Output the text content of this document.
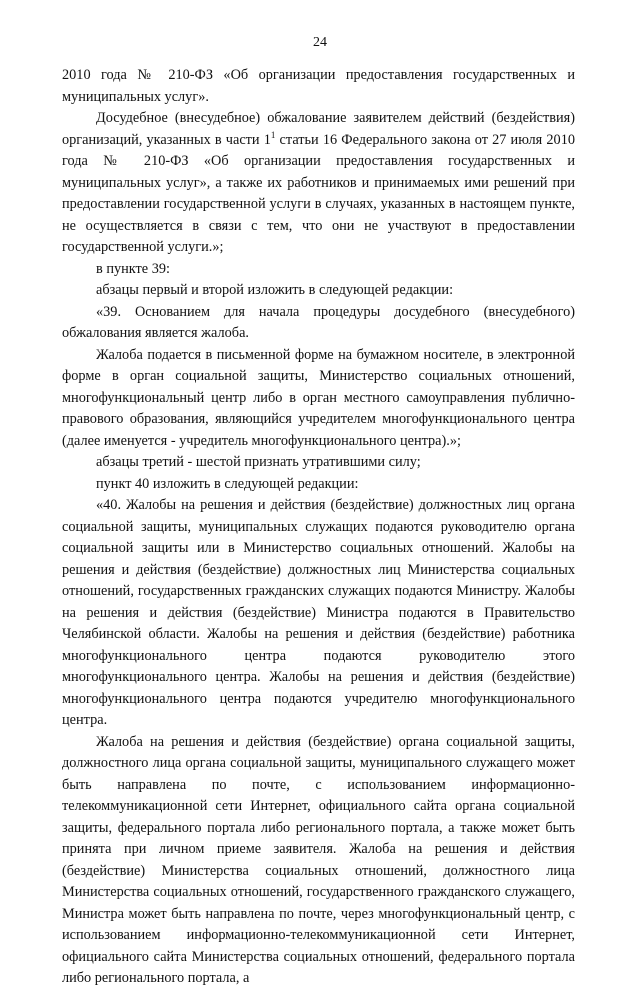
24

2010 года № 210-ФЗ «Об организации предоставления государственных и муниципальных услуг».

Досудебное (внесудебное) обжалование заявителем действий (бездействия) организаций, указанных в части $1^1$ статьи 16 Федерального закона от 27 июля 2010 года № 210-ФЗ «Об организации предоставления государственных и муниципальных услуг», а также их работников и принимаемых ими решений при предоставлении государственной услуги в случаях, указанных в настоящем пункте, не осуществляется в связи с тем, что они не участвуют в предоставлении государственной услуги.»;

в пункте 39:

абзацы первый и второй изложить в следующей редакции:

«39. Основанием для начала процедуры досудебного (внесудебного) обжалования является жалоба.

Жалоба подается в письменной форме на бумажном носителе, в электронной форме в орган социальной защиты, Министерство социальных отношений, многофункциональный центр либо в орган местного самоуправления публично-правового образования, являющийся учредителем многофункционального центра (далее именуется - учредитель многофункционального центра).»;

абзацы третий - шестой признать утратившими силу;

пункт 40 изложить в следующей редакции:

«40. Жалобы на решения и действия (бездействие) должностных лиц органа социальной защиты, муниципальных служащих подаются руководителю органа социальной защиты или в Министерство социальных отношений. Жалобы на решения и действия (бездействие) должностных лиц Министерства социальных отношений, государственных гражданских служащих подаются Министру. Жалобы на решения и действия (бездействие) Министра подаются в Правительство Челябинской области. Жалобы на решения и действия (бездействие) работника многофункционального центра подаются руководителю этого многофункционального центра. Жалобы на решения и действия (бездействие) многофункционального центра подаются учредителю многофункционального центра.

Жалоба на решения и действия (бездействие) органа социальной защиты, должностного лица органа социальной защиты, муниципального служащего может быть направлена по почте, с использованием информационно-телекоммуникационной сети Интернет, официального сайта органа социальной защиты, федерального портала либо регионального портала, а также может быть принята при личном приеме заявителя. Жалоба на решения и действия (бездействие) Министерства социальных отношений, должностного лица Министерства социальных отношений, государственного гражданского служащего, Министра может быть направлена по почте, через многофункциональный центр, с использованием информационно-телекоммуникационной сети Интернет, официального сайта Министерства социальных отношений, федерального портала либо регионального портала, а
